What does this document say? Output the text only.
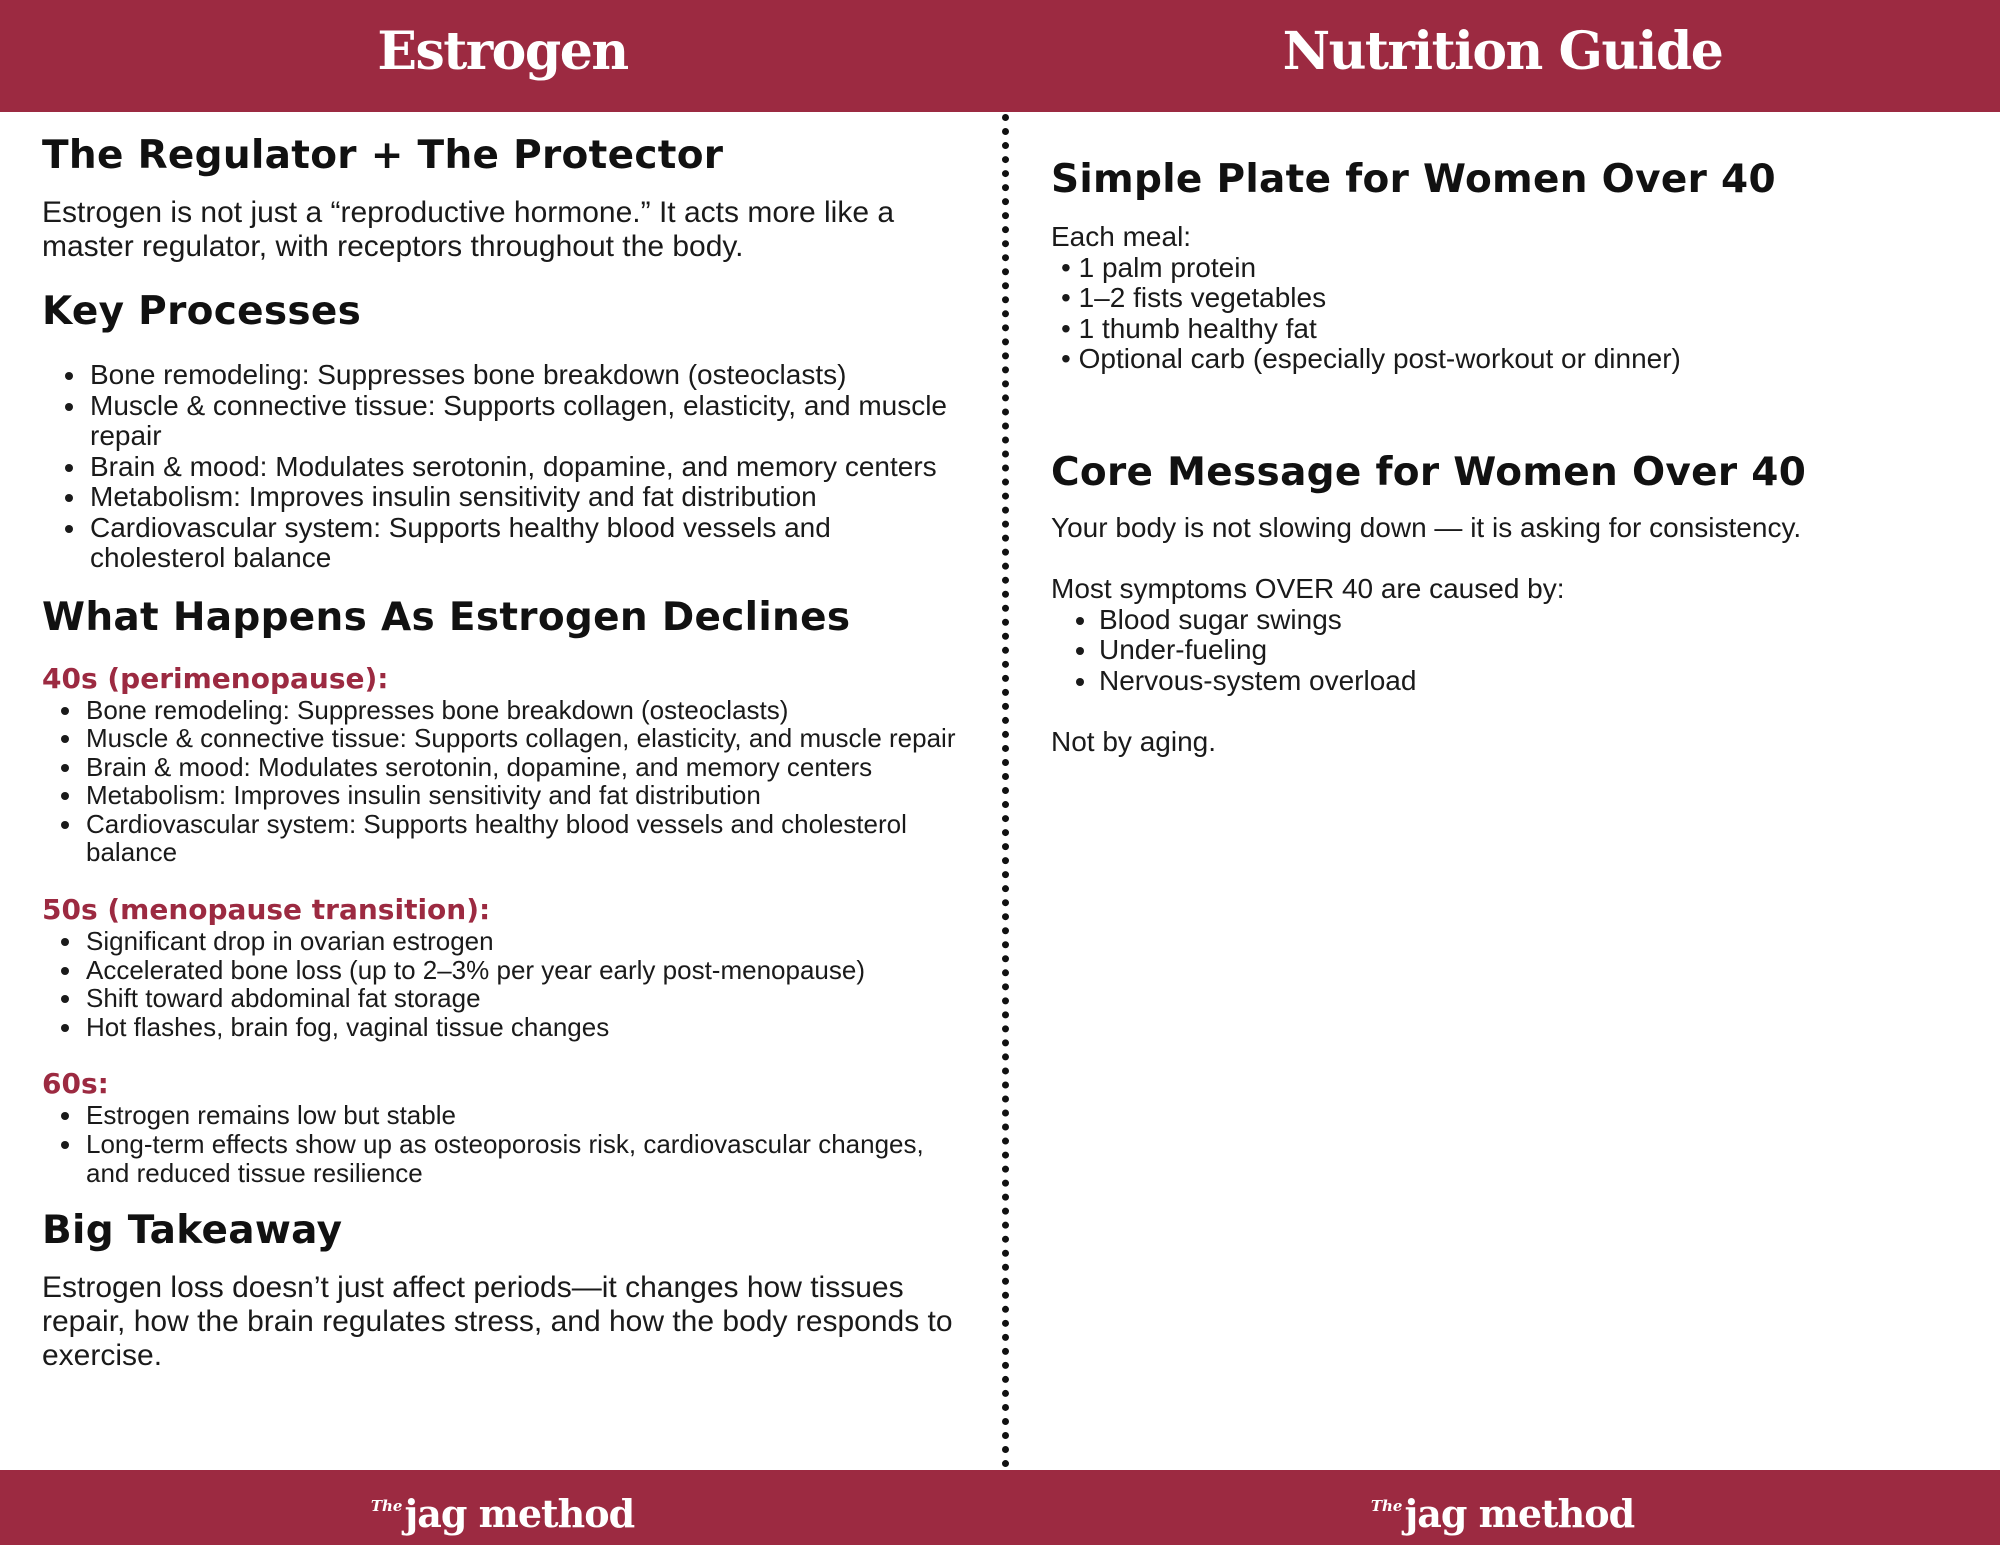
Estrogen	Nutrition Guide
The Regulator + The Protector

Estrogen is not just a “reproductive hormone.” It acts more like a master regulator, with receptors throughout the body.

Key Processes
• Bone remodeling: Suppresses bone breakdown (osteoclasts)
• Muscle & connective tissue: Supports collagen, elasticity, and muscle repair
• Brain & mood: Modulates serotonin, dopamine, and memory centers
• Metabolism: Improves insulin sensitivity and fat distribution
• Cardiovascular system: Supports healthy blood vessels and cholesterol balance
What Happens As Estrogen Declines
40s (perimenopause):
• Bone remodeling: Suppresses bone breakdown (osteoclasts)
• Muscle & connective tissue: Supports collagen, elasticity, and muscle repair
• Brain & mood: Modulates serotonin, dopamine, and memory centers
• Metabolism: Improves insulin sensitivity and fat distribution
• Cardiovascular system: Supports healthy blood vessels and cholesterol balance
50s (menopause transition):
• Significant drop in ovarian estrogen
• Accelerated bone loss (up to 2–3% per year early post-menopause)
• Shift toward abdominal fat storage
• Hot flashes, brain fog, vaginal tissue changes
60s:
• Estrogen remains low but stable
• Long-term effects show up as osteoporosis risk, cardiovascular changes, and reduced tissue resilience
Big Takeaway

Estrogen loss doesn’t just affect periods—it changes how tissues repair, how the brain regulates stress, and how the body responds to exercise.

Simple Plate for Women Over 40

Each meal:

• 1 palm protein
• 1–2 fists vegetables
• 1 thumb healthy fat
• Optional carb (especially post-workout or dinner)
Core Message for Women Over 40

Your body is not slowing down — it is asking for consistency.

Most symptoms OVER 40 are caused by:

• Blood sugar swings
• Under-fueling
• Nervous-system overload

Not by aging.

$^{The}$jag method	$^{The}$jag method
